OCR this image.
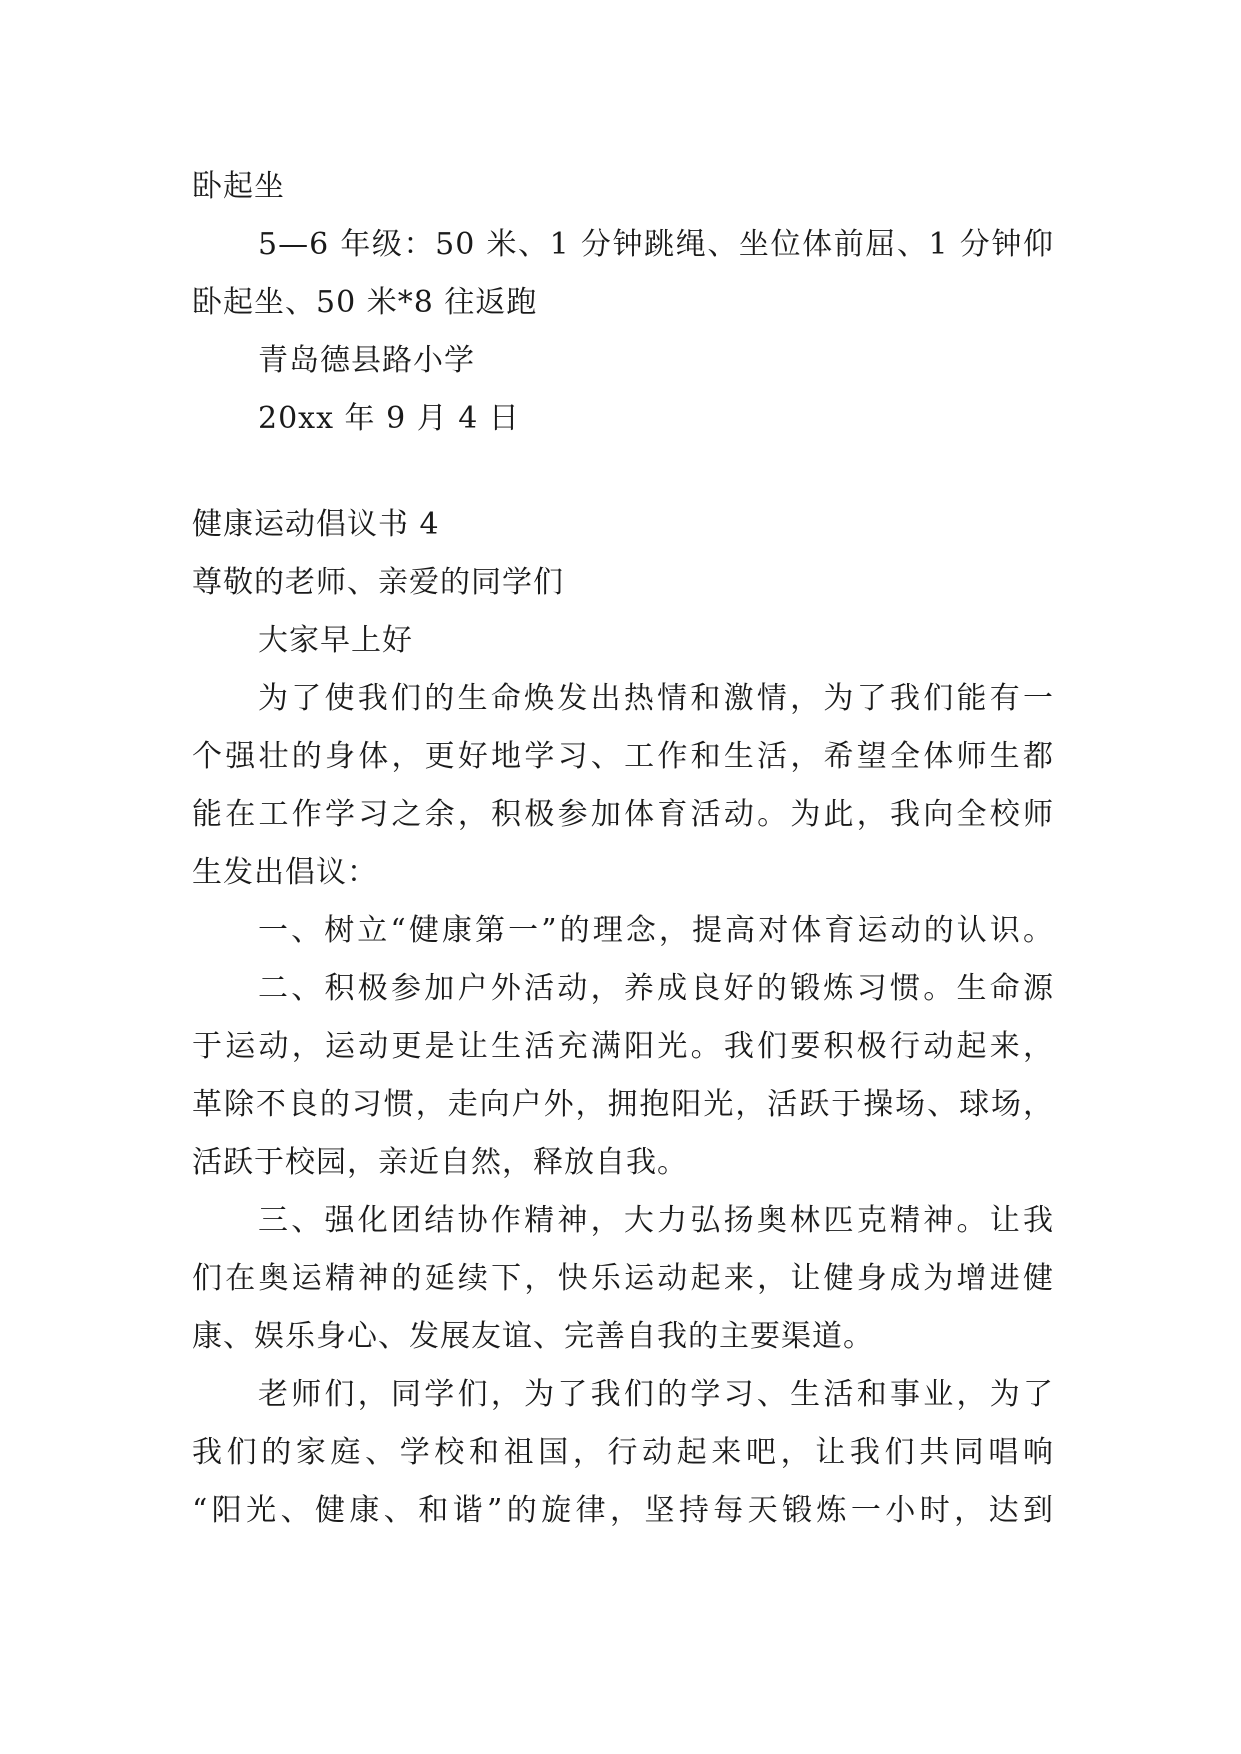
卧起坐
5—6 年级：50 米、1 分钟跳绳、坐位体前屈、1 分钟仰
卧起坐、50 米*8 往返跑
青岛德县路小学
20xx 年 9 月 4 日
健康运动倡议书 4
尊敬的老师、亲爱的同学们
大家早上好
为了使我们的生命焕发出热情和激情，为了我们能有一
个强壮的身体，更好地学习、工作和生活，希望全体师生都
能在工作学习之余，积极参加体育活动。为此，我向全校师
生发出倡议：
一、树立“健康第一”的理念，提高对体育运动的认识。
二、积极参加户外活动，养成良好的锻炼习惯。生命源
于运动，运动更是让生活充满阳光。我们要积极行动起来，
革除不良的习惯，走向户外，拥抱阳光，活跃于操场、球场，
活跃于校园，亲近自然，释放自我。
三、强化团结协作精神，大力弘扬奥林匹克精神。让我
们在奥运精神的延续下，快乐运动起来，让健身成为增进健
康、娱乐身心、发展友谊、完善自我的主要渠道。
老师们，同学们，为了我们的学习、生活和事业，为了
我们的家庭、学校和祖国，行动起来吧，让我们共同唱响
“阳光、健康、和谐”的旋律，坚持每天锻炼一小时，达到
